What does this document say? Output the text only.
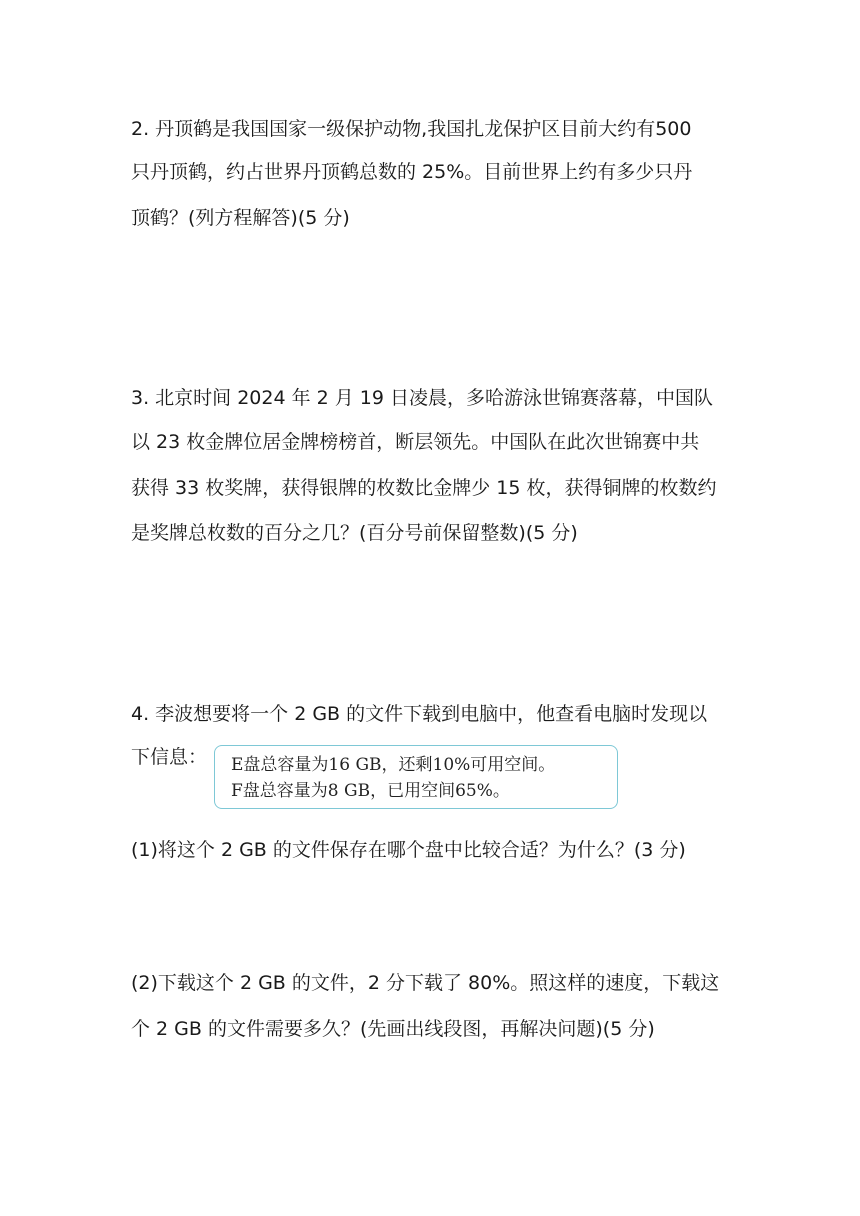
2. 丹顶鹤是我国国家一级保护动物,我国扎龙保护区目前大约有500
只丹顶鹤，约占世界丹顶鹤总数的 25%。目前世界上约有多少只丹
顶鹤？(列方程解答)(5 分)
3. 北京时间 2024 年 2 月 19 日凌晨，多哈游泳世锦赛落幕，中国队
以 23 枚金牌位居金牌榜榜首，断层领先。中国队在此次世锦赛中共
获得 33 枚奖牌，获得银牌的枚数比金牌少 15 枚，获得铜牌的枚数约
是奖牌总枚数的百分之几？(百分号前保留整数)(5 分)
4. 李波想要将一个 2 GB 的文件下载到电脑中，他查看电脑时发现以
下信息： E盘总容量为16 GB，还剩10%可用空间。
F盘总容量为8 GB，已用空间65%。
(1)将这个 2 GB 的文件保存在哪个盘中比较合适？为什么？(3 分)
(2)下载这个 2 GB 的文件，2 分下载了 80%。照这样的速度，下载这
个 2 GB 的文件需要多久？(先画出线段图，再解决问题)(5 分)
